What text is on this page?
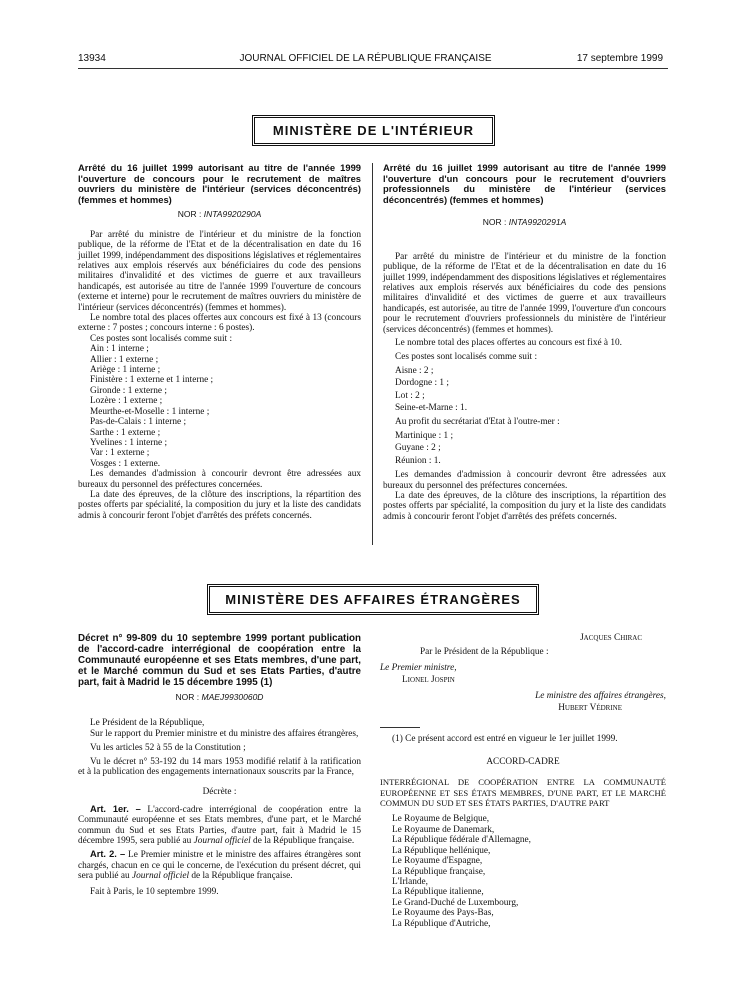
13934	JOURNAL OFFICIEL DE LA RÉPUBLIQUE FRANÇAISE	17 septembre 1999
MINISTÈRE DE L'INTÉRIEUR

Arrêté du 16 juillet 1999 autorisant au titre de l'année 1999 l'ouverture de concours pour le recrutement de maîtres ouvriers du ministère de l'intérieur (services déconcentrés) (femmes et hommes)

NOR : INTA9920290A

Par arrêté du ministre de l'intérieur et du ministre de la fonction publique, de la réforme de l'Etat et de la décentralisation en date du 16 juillet 1999, indépendamment des dispositions législatives et réglementaires relatives aux emplois réservés aux bénéficiaires du code des pensions militaires d'invalidité et des victimes de guerre et aux travailleurs handicapés, est autorisée au titre de l'année 1999 l'ouverture de concours (externe et interne) pour le recrutement de maîtres ouvriers du ministère de l'intérieur (services déconcentrés) (femmes et hommes).

Le nombre total des places offertes aux concours est fixé à 13 (concours externe : 7 postes ; concours interne : 6 postes).

Ces postes sont localisés comme suit :

Ain : 1 interne ;

Allier : 1 externe ;

Ariège : 1 interne ;

Finistère : 1 externe et 1 interne ;

Gironde : 1 externe ;

Lozère : 1 externe ;

Meurthe-et-Moselle : 1 interne ;

Pas-de-Calais : 1 interne ;

Sarthe : 1 externe ;

Yvelines : 1 interne ;

Var : 1 externe ;

Vosges : 1 externe.

Les demandes d'admission à concourir devront être adressées aux bureaux du personnel des préfectures concernées.

La date des épreuves, de la clôture des inscriptions, la répartition des postes offerts par spécialité, la composition du jury et la liste des candidats admis à concourir feront l'objet d'arrêtés des préfets concernés.

Arrêté du 16 juillet 1999 autorisant au titre de l'année 1999 l'ouverture d'un concours pour le recrutement d'ouvriers professionnels du ministère de l'intérieur (services déconcentrés) (femmes et hommes)

NOR : INTA9920291A

Par arrêté du ministre de l'intérieur et du ministre de la fonction publique, de la réforme de l'Etat et de la décentralisation en date du 16 juillet 1999, indépendamment des dispositions législatives et réglementaires relatives aux emplois réservés aux bénéficiaires du code des pensions militaires d'invalidité et des victimes de guerre et aux travailleurs handicapés, est autorisée, au titre de l'année 1999, l'ouverture d'un concours pour le recrutement d'ouvriers professionnels du ministère de l'intérieur (services déconcentrés) (femmes et hommes).

Le nombre total des places offertes au concours est fixé à 10.

Ces postes sont localisés comme suit :

Aisne : 2 ;

Dordogne : 1 ;

Lot : 2 ;

Seine-et-Marne : 1.

Au profit du secrétariat d'Etat à l'outre-mer :

Martinique : 1 ;

Guyane : 2 ;

Réunion : 1.

Les demandes d'admission à concourir devront être adressées aux bureaux du personnel des préfectures concernées.

La date des épreuves, de la clôture des inscriptions, la répartition des postes offerts par spécialité, la composition du jury et la liste des candidats admis à concourir feront l'objet d'arrêtés des préfets concernés.

MINISTÈRE DES AFFAIRES ÉTRANGÈRES

Décret n° 99-809 du 10 septembre 1999 portant publication de l'accord-cadre interrégional de coopération entre la Communauté européenne et ses Etats membres, d'une part, et le Marché commun du Sud et ses Etats Parties, d'autre part, fait à Madrid le 15 décembre 1995 (1)

NOR : MAEJ9930060D

Le Président de la République,

Sur le rapport du Premier ministre et du ministre des affaires étrangères,

Vu les articles 52 à 55 de la Constitution ;

Vu le décret n° 53-192 du 14 mars 1953 modifié relatif à la ratification et à la publication des engagements internationaux souscrits par la France,

Décrète :

Art. 1er. – L'accord-cadre interrégional de coopération entre la Communauté européenne et ses Etats membres, d'une part, et le Marché commun du Sud et ses Etats Parties, d'autre part, fait à Madrid le 15 décembre 1995, sera publié au Journal officiel de la République française.

Art. 2. – Le Premier ministre et le ministre des affaires étrangères sont chargés, chacun en ce qui le concerne, de l'exécution du présent décret, qui sera publié au Journal officiel de la République française.

Fait à Paris, le 10 septembre 1999.

Jacques Chirac

Par le Président de la République :

Le Premier ministre,

Lionel Jospin

Le ministre des affaires étrangères,

Hubert Védrine

(1) Ce présent accord est entré en vigueur le 1er juillet 1999.

ACCORD-CADRE

INTERRÉGIONAL DE COOPÉRATION ENTRE LA COMMUNAUTÉ EUROPÉENNE ET SES ÉTATS MEMBRES, D'UNE PART, ET LE MARCHÉ COMMUN DU SUD ET SES ÉTATS PARTIES, D'AUTRE PART

Le Royaume de Belgique,

Le Royaume de Danemark,

La République fédérale d'Allemagne,

La République hellénique,

Le Royaume d'Espagne,

La République française,

L'Irlande,

La République italienne,

Le Grand-Duché de Luxembourg,

Le Royaume des Pays-Bas,

La République d'Autriche,
